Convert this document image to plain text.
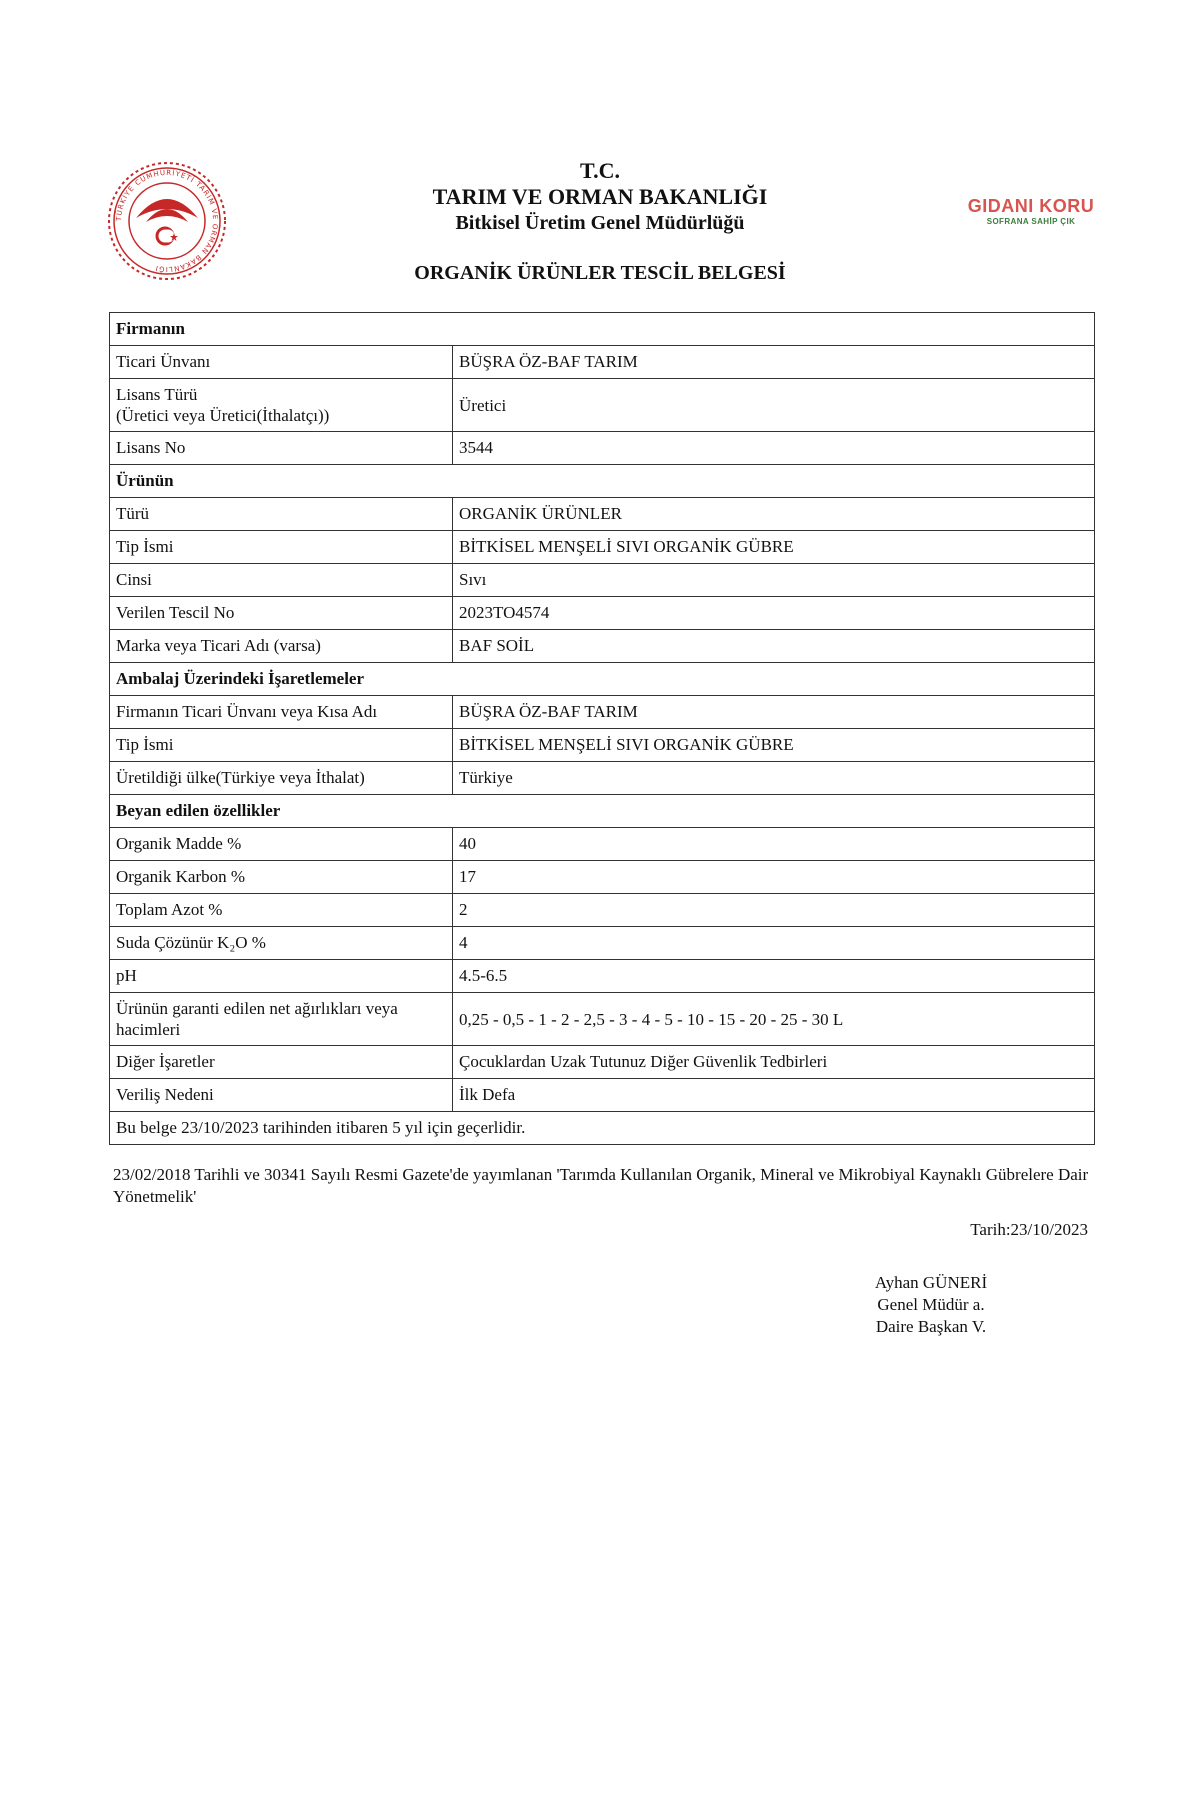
TÜRKİYE CUMHURİYETİ TARIM VE ORMAN BAKANLIĞI
GIDANI KORU
SOFRANA SAHİP ÇIK
T.C.
TARIM VE ORMAN BAKANLIĞI
Bitkisel Üretim Genel Müdürlüğü
ORGANİK ÜRÜNLER TESCİL BELGESİ
Firmanın	
Ticari Ünvanı	BÜŞRA ÖZ-BAF TARIM
Lisans Türü
(Üretici veya Üretici(İthalatçı))	Üretici
Lisans No	3544
Ürünün	
Türü	ORGANİK ÜRÜNLER
Tip İsmi	BİTKİSEL MENŞELİ SIVI ORGANİK GÜBRE
Cinsi	Sıvı
Verilen Tescil No	2023TO4574
Marka veya Ticari Adı (varsa)	BAF SOİL
Ambalaj Üzerindeki İşaretlemeler	
Firmanın Ticari Ünvanı veya Kısa Adı	BÜŞRA ÖZ-BAF TARIM
Tip İsmi	BİTKİSEL MENŞELİ SIVI ORGANİK GÜBRE
Üretildiği ülke(Türkiye veya İthalat)	Türkiye
Beyan edilen özellikler	
Organik Madde %	40
Organik Karbon %	17
Toplam Azot %	2
Suda Çözünür K₂O %	4
pH	4.5-6.5
Ürünün garanti edilen net ağırlıkları veya hacimleri	0,25 - 0,5 - 1 - 2 - 2,5 - 3 - 4 - 5 - 10 - 15 - 20 - 25 - 30 L
Diğer İşaretler	Çocuklardan Uzak Tutunuz Diğer Güvenlik Tedbirleri
Veriliş Nedeni	İlk Defa
Bu belge 23/10/2023 tarihinden itibaren 5 yıl için geçerlidir.	
23/02/2018 Tarihli ve 30341 Sayılı Resmi Gazete'de yayımlanan 'Tarımda Kullanılan Organik, Mineral ve Mikrobiyal Kaynaklı Gübrelere Dair Yönetmelik'
Tarih:23/10/2023
Ayhan GÜNERİ
Genel Müdür a.
Daire Başkan V.
